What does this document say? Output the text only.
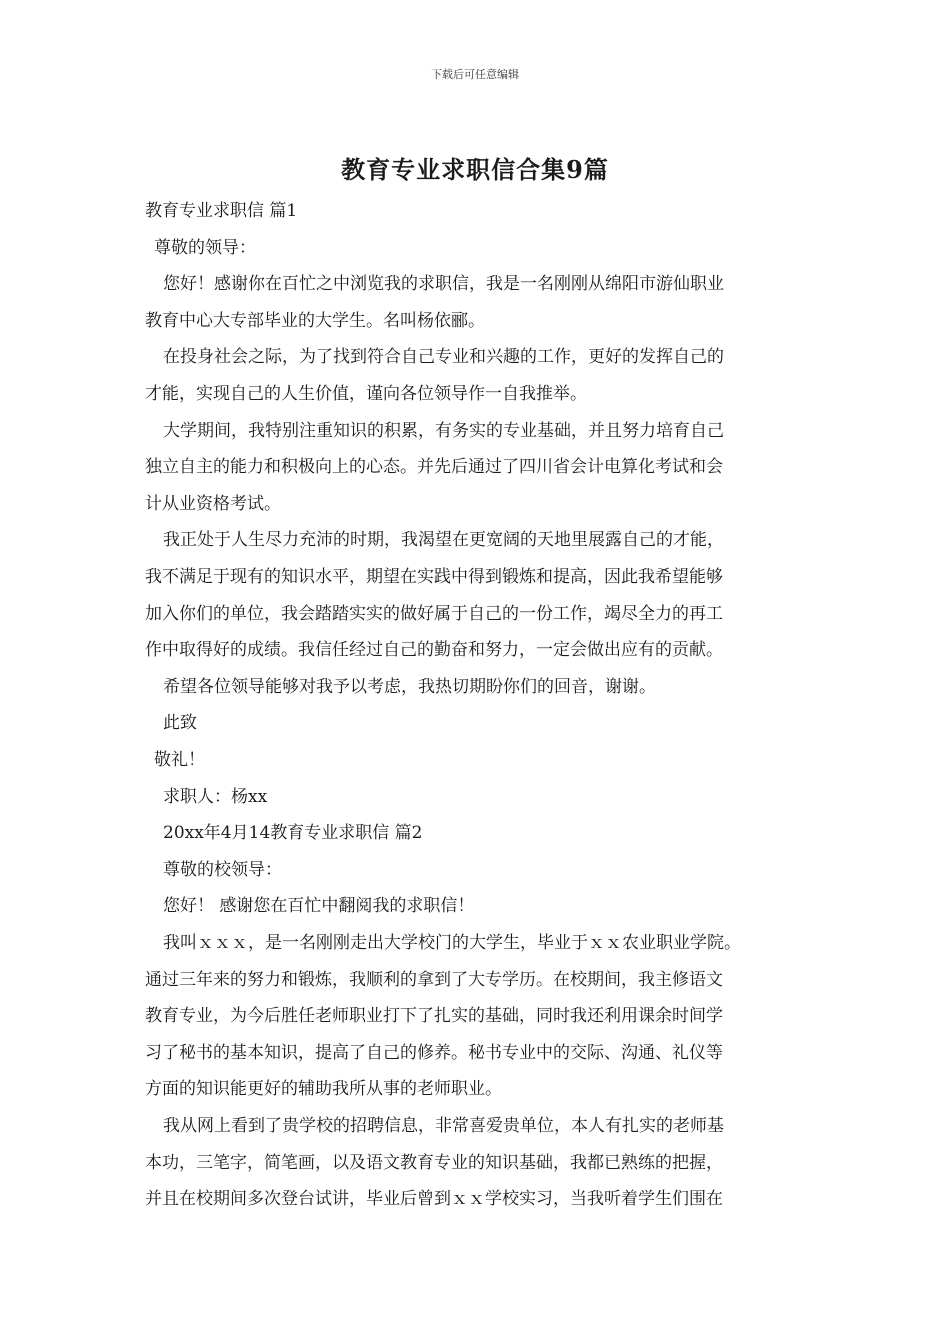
下载后可任意编辑
教育专业求职信合集9篇
教育专业求职信 篇1
尊敬的领导：
您好！感谢你在百忙之中浏览我的求职信，我是一名刚刚从绵阳市游仙职业
教育中心大专部毕业的大学生。名叫杨依郦。
在投身社会之际，为了找到符合自己专业和兴趣的工作，更好的发挥自己的
才能，实现自己的人生价值，谨向各位领导作一自我推举。
大学期间，我特别注重知识的积累，有务实的专业基础，并且努力培育自己
独立自主的能力和积极向上的心态。并先后通过了四川省会计电算化考试和会
计从业资格考试。
我正处于人生尽力充沛的时期，我渴望在更宽阔的天地里展露自己的才能，
我不满足于现有的知识水平，期望在实践中得到锻炼和提高，因此我希望能够
加入你们的单位，我会踏踏实实的做好属于自己的一份工作，竭尽全力的再工
作中取得好的成绩。我信任经过自己的勤奋和努力，一定会做出应有的贡献。
希望各位领导能够对我予以考虑，我热切期盼你们的回音，谢谢。
此致
敬礼！
求职人：杨xx
20xx年4月14教育专业求职信 篇2
尊敬的校领导：
您好！ 感谢您在百忙中翻阅我的求职信！
我叫ｘｘｘ，是一名刚刚走出大学校门的大学生，毕业于ｘｘ农业职业学院。
通过三年来的努力和锻炼，我顺利的拿到了大专学历。在校期间，我主修语文
教育专业，为今后胜任老师职业打下了扎实的基础，同时我还利用课余时间学
习了秘书的基本知识，提高了自己的修养。秘书专业中的交际、沟通、礼仪等
方面的知识能更好的辅助我所从事的老师职业。
我从网上看到了贵学校的招聘信息，非常喜爱贵单位，本人有扎实的老师基
本功，三笔字，简笔画，以及语文教育专业的知识基础，我都已熟练的把握，
并且在校期间多次登台试讲，毕业后曾到ｘｘ学校实习，当我听着学生们围在
